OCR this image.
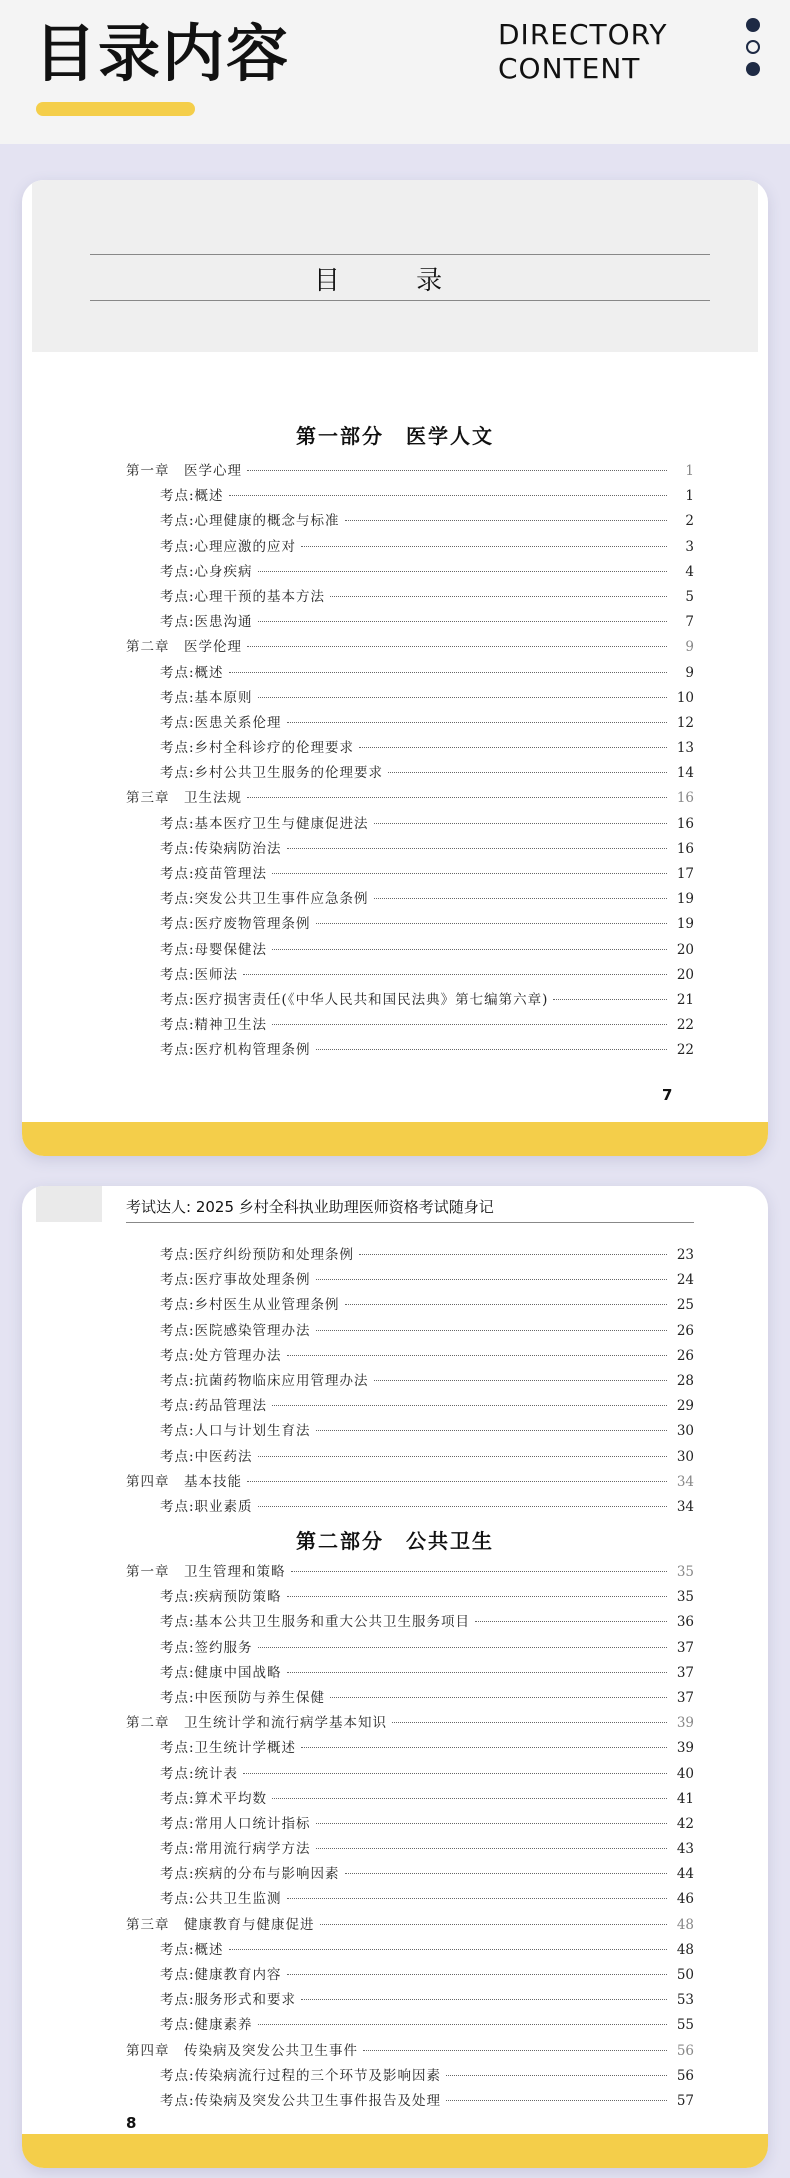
目录内容	DIRECTORY
CONTENT
目 录
第一部分　医学人文
第一章　医学心理	1
考点:概述	1
考点:心理健康的概念与标准	2
考点:心理应激的应对	3
考点:心身疾病	4
考点:心理干预的基本方法	5
考点:医患沟通	7
第二章　医学伦理	9
考点:概述	9
考点:基本原则	10
考点:医患关系伦理	12
考点:乡村全科诊疗的伦理要求	13
考点:乡村公共卫生服务的伦理要求	14
第三章　卫生法规	16
考点:基本医疗卫生与健康促进法	16
考点:传染病防治法	16
考点:疫苗管理法	17
考点:突发公共卫生事件应急条例	19
考点:医疗废物管理条例	19
考点:母婴保健法	20
考点:医师法	20
考点:医疗损害责任(《中华人民共和国民法典》第七编第六章)	21
考点:精神卫生法	22
考点:医疗机构管理条例	22
7
考试达人: 2025 乡村全科执业助理医师资格考试随身记
考点:医疗纠纷预防和处理条例	23
考点:医疗事故处理条例	24
考点:乡村医生从业管理条例	25
考点:医院感染管理办法	26
考点:处方管理办法	26
考点:抗菌药物临床应用管理办法	28
考点:药品管理法	29
考点:人口与计划生育法	30
考点:中医药法	30
第四章　基本技能	34
考点:职业素质	34
第二部分　公共卫生
第一章　卫生管理和策略	35
考点:疾病预防策略	35
考点:基本公共卫生服务和重大公共卫生服务项目	36
考点:签约服务	37
考点:健康中国战略	37
考点:中医预防与养生保健	37
第二章　卫生统计学和流行病学基本知识	39
考点:卫生统计学概述	39
考点:统计表	40
考点:算术平均数	41
考点:常用人口统计指标	42
考点:常用流行病学方法	43
考点:疾病的分布与影响因素	44
考点:公共卫生监测	46
第三章　健康教育与健康促进	48
考点:概述	48
考点:健康教育内容	50
考点:服务形式和要求	53
考点:健康素养	55
第四章　传染病及突发公共卫生事件	56
考点:传染病流行过程的三个环节及影响因素	56
考点:传染病及突发公共卫生事件报告及处理	57
8
